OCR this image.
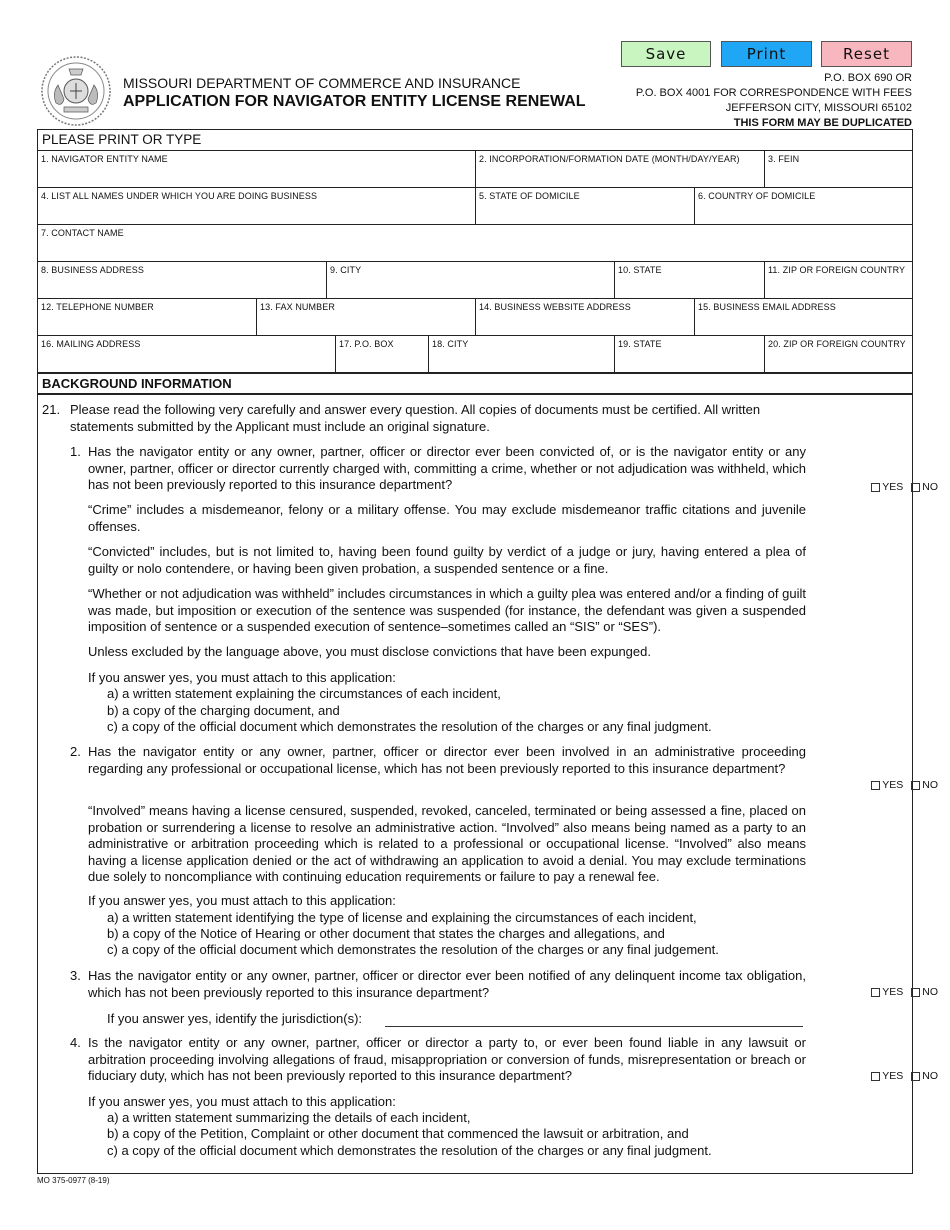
Save	Print	Reset
MISSOURI DEPARTMENT OF COMMERCE AND INSURANCE
APPLICATION FOR NAVIGATOR ENTITY LICENSE RENEWAL
P.O. BOX 690 OR
P.O. BOX 4001 FOR CORRESPONDENCE WITH FEES
JEFFERSON CITY, MISSOURI 65102
THIS FORM MAY BE DUPLICATED
PLEASE PRINT OR TYPE
1. NAVIGATOR ENTITY NAME	2. INCORPORATION/FORMATION DATE (MONTH/DAY/YEAR)	3. FEIN
4. LIST ALL NAMES UNDER WHICH YOU ARE DOING BUSINESS	5. STATE OF DOMICILE	6. COUNTRY OF DOMICILE
7. CONTACT NAME
8. BUSINESS ADDRESS	9. CITY	10. STATE	11. ZIP OR FOREIGN COUNTRY
12. TELEPHONE NUMBER	13. FAX NUMBER	14. BUSINESS WEBSITE ADDRESS	15. BUSINESS EMAIL ADDRESS
16. MAILING ADDRESS	17. P.O. BOX	18. CITY	19. STATE	20. ZIP OR FOREIGN COUNTRY
BACKGROUND INFORMATION
21. Please read the following very carefully and answer every question. All copies of documents must be certified. All written statements submitted by the Applicant must include an original signature.
1. Has the navigator entity or any owner, partner, officer or director ever been convicted of, or is the navigator entity or any owner, partner, officer or director currently charged with, committing a crime, whether or not adjudication was withheld, which has not been previously reported to this insurance department?	YES NO
“Crime” includes a misdemeanor, felony or a military offense. You may exclude misdemeanor traffic citations and juvenile offenses.
“Convicted” includes, but is not limited to, having been found guilty by verdict of a judge or jury, having entered a plea of guilty or nolo contendere, or having been given probation, a suspended sentence or a fine.
“Whether or not adjudication was withheld” includes circumstances in which a guilty plea was entered and/or a finding of guilt was made, but imposition or execution of the sentence was suspended (for instance, the defendant was given a suspended imposition of sentence or a suspended execution of sentence–sometimes called an “SIS” or “SES”).
Unless excluded by the language above, you must disclose convictions that have been expunged.
If you answer yes, you must attach to this application:
a) a written statement explaining the circumstances of each incident,
b) a copy of the charging document, and
c) a copy of the official document which demonstrates the resolution of the charges or any final judgment.
2. Has the navigator entity or any owner, partner, officer or director ever been involved in an administrative proceeding regarding any professional or occupational license, which has not been previously reported to this insurance department?
YES NO
“Involved” means having a license censured, suspended, revoked, canceled, terminated or being assessed a fine, placed on probation or surrendering a license to resolve an administrative action. “Involved” also means being named as a party to an administrative or arbitration proceeding which is related to a professional or occupational license. “Involved” also means having a license application denied or the act of withdrawing an application to avoid a denial. You may exclude terminations due solely to noncompliance with continuing education requirements or failure to pay a renewal fee.
If you answer yes, you must attach to this application:
a) a written statement identifying the type of license and explaining the circumstances of each incident,
b) a copy of the Notice of Hearing or other document that states the charges and allegations, and
c) a copy of the official document which demonstrates the resolution of the charges or any final judgement.
3. Has the navigator entity or any owner, partner, officer or director ever been notified of any delinquent income tax obligation, which has not been previously reported to this insurance department?	YES NO
If you answer yes, identify the jurisdiction(s):
4. Is the navigator entity or any owner, partner, officer or director a party to, or ever been found liable in any lawsuit or arbitration proceeding involving allegations of fraud, misappropriation or conversion of funds, misrepresentation or breach or fiduciary duty, which has not been previously reported to this insurance department?	YES NO
If you answer yes, you must attach to this application:
a) a written statement summarizing the details of each incident,
b) a copy of the Petition, Complaint or other document that commenced the lawsuit or arbitration, and
c) a copy of the official document which demonstrates the resolution of the charges or any final judgment.
MO 375-0977 (8-19)
